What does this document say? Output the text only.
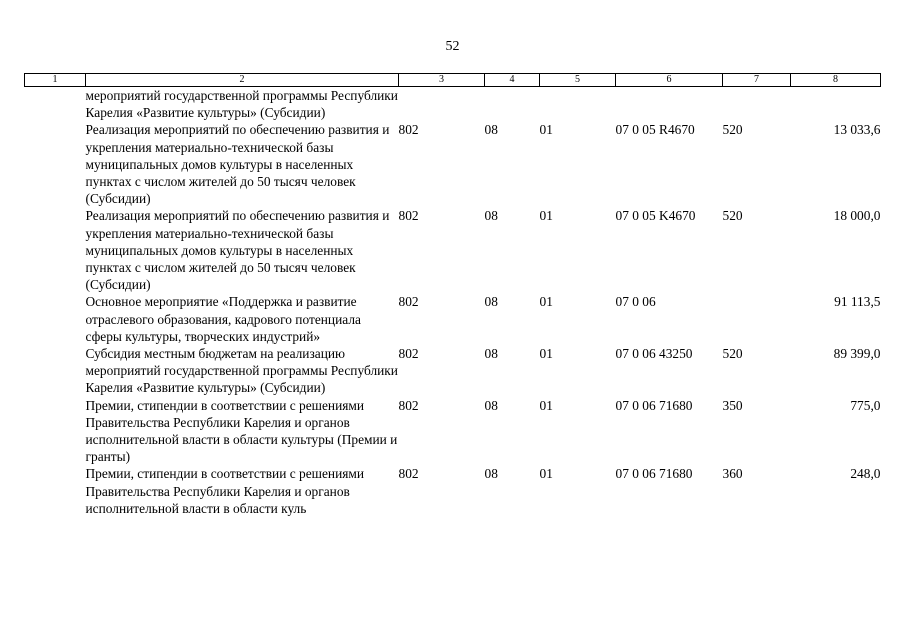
52
1	2	3	4	5	6	7	8
	мероприятий государственной программы Республики Карелия «Развитие культуры» (Субсидии)						
	Реализация мероприятий по обеспечению развития и укрепления материально-технической базы муниципальных домов культуры в населенных пунктах с числом жителей до 50 тысяч человек (Субсидии)	802	08	01	07 0 05 R4670	520	13 033,6
	Реализация мероприятий по обеспечению развития и укрепления материально-технической базы муниципальных домов культуры в населенных пунктах с числом жителей до 50 тысяч человек (Субсидии)	802	08	01	07 0 05 K4670	520	18 000,0
	Основное мероприятие «Поддержка и развитие отраслевого образования, кадрового потенциала сферы культуры, творческих индустрий»	802	08	01	07 0 06		91 113,5
	Субсидия местным бюджетам на реализацию мероприятий государственной программы Республики Карелия «Развитие культуры» (Субсидии)	802	08	01	07 0 06 43250	520	89 399,0
	Премии, стипендии в соответствии с решениями Правительства Республики Карелия и органов исполнительной власти в области культуры (Премии и гранты)	802	08	01	07 0 06 71680	350	775,0
	Премии, стипендии в соответствии с решениями Правительства Республики Карелия и органов исполнительной власти в области куль	802	08	01	07 0 06 71680	360	248,0
